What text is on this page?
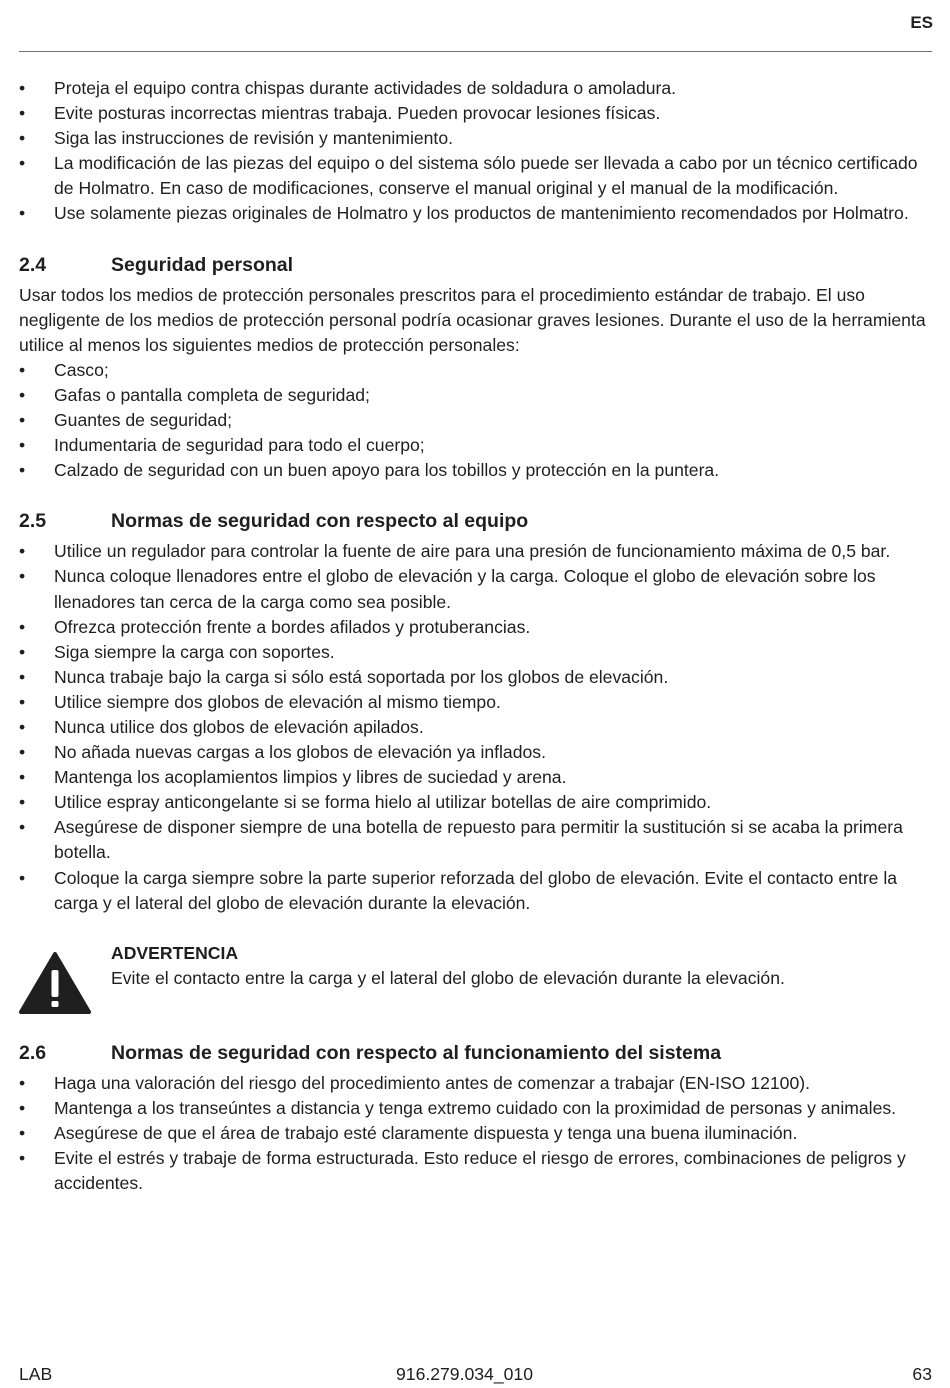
ES
• Proteja el equipo contra chispas durante actividades de soldadura o amoladura.
• Evite posturas incorrectas mientras trabaja. Pueden provocar lesiones físicas.
• Siga las instrucciones de revisión y mantenimiento.
• La modificación de las piezas del equipo o del sistema sólo puede ser llevada a cabo por un técnico certificado de Holmatro. En caso de modificaciones, conserve el manual original y el manual de la modificación.
• Use solamente piezas originales de Holmatro y los productos de mantenimiento recomendados por Holmatro.
2.4	Seguridad personal

Usar todos los medios de protección personales prescritos para el procedimiento estándar de trabajo. El uso negligente de los medios de protección personal podría ocasionar graves lesiones. Durante el uso de la herramienta utilice al menos los siguientes medios de protección personales:

• Casco;
• Gafas o pantalla completa de seguridad;
• Guantes de seguridad;
• Indumentaria de seguridad para todo el cuerpo;
• Calzado de seguridad con un buen apoyo para los tobillos y protección en la puntera.
2.5	Normas de seguridad con respecto al equipo
• Utilice un regulador para controlar la fuente de aire para una presión de funcionamiento máxima de 0,5 bar.
• Nunca coloque llenadores entre el globo de elevación y la carga. Coloque el globo de elevación sobre los llenadores tan cerca de la carga como sea posible.
• Ofrezca protección frente a bordes afilados y protuberancias.
• Siga siempre la carga con soportes.
• Nunca trabaje bajo la carga si sólo está soportada por los globos de elevación.
• Utilice siempre dos globos de elevación al mismo tiempo.
• Nunca utilice dos globos de elevación apilados.
• No añada nuevas cargas a los globos de elevación ya inflados.
• Mantenga los acoplamientos limpios y libres de suciedad y arena.
• Utilice espray anticongelante si se forma hielo al utilizar botellas de aire comprimido.
• Asegúrese de disponer siempre de una botella de repuesto para permitir la sustitución si se acaba la primera botella.
• Coloque la carga siempre sobre la parte superior reforzada del globo de elevación. Evite el contacto entre la carga y el lateral del globo de elevación durante la elevación.
ADVERTENCIA
Evite el contacto entre la carga y el lateral del globo de elevación durante la elevación.
2.6	Normas de seguridad con respecto al funcionamiento del sistema
• Haga una valoración del riesgo del procedimiento antes de comenzar a trabajar (EN-ISO 12100).
• Mantenga a los transeúntes a distancia y tenga extremo cuidado con la proximidad de personas y animales.
• Asegúrese de que el área de trabajo esté claramente dispuesta y tenga una buena iluminación.
• Evite el estrés y trabaje de forma estructurada. Esto reduce el riesgo de errores, combinaciones de peligros y accidentes.
LAB	916.279.034_010	63
